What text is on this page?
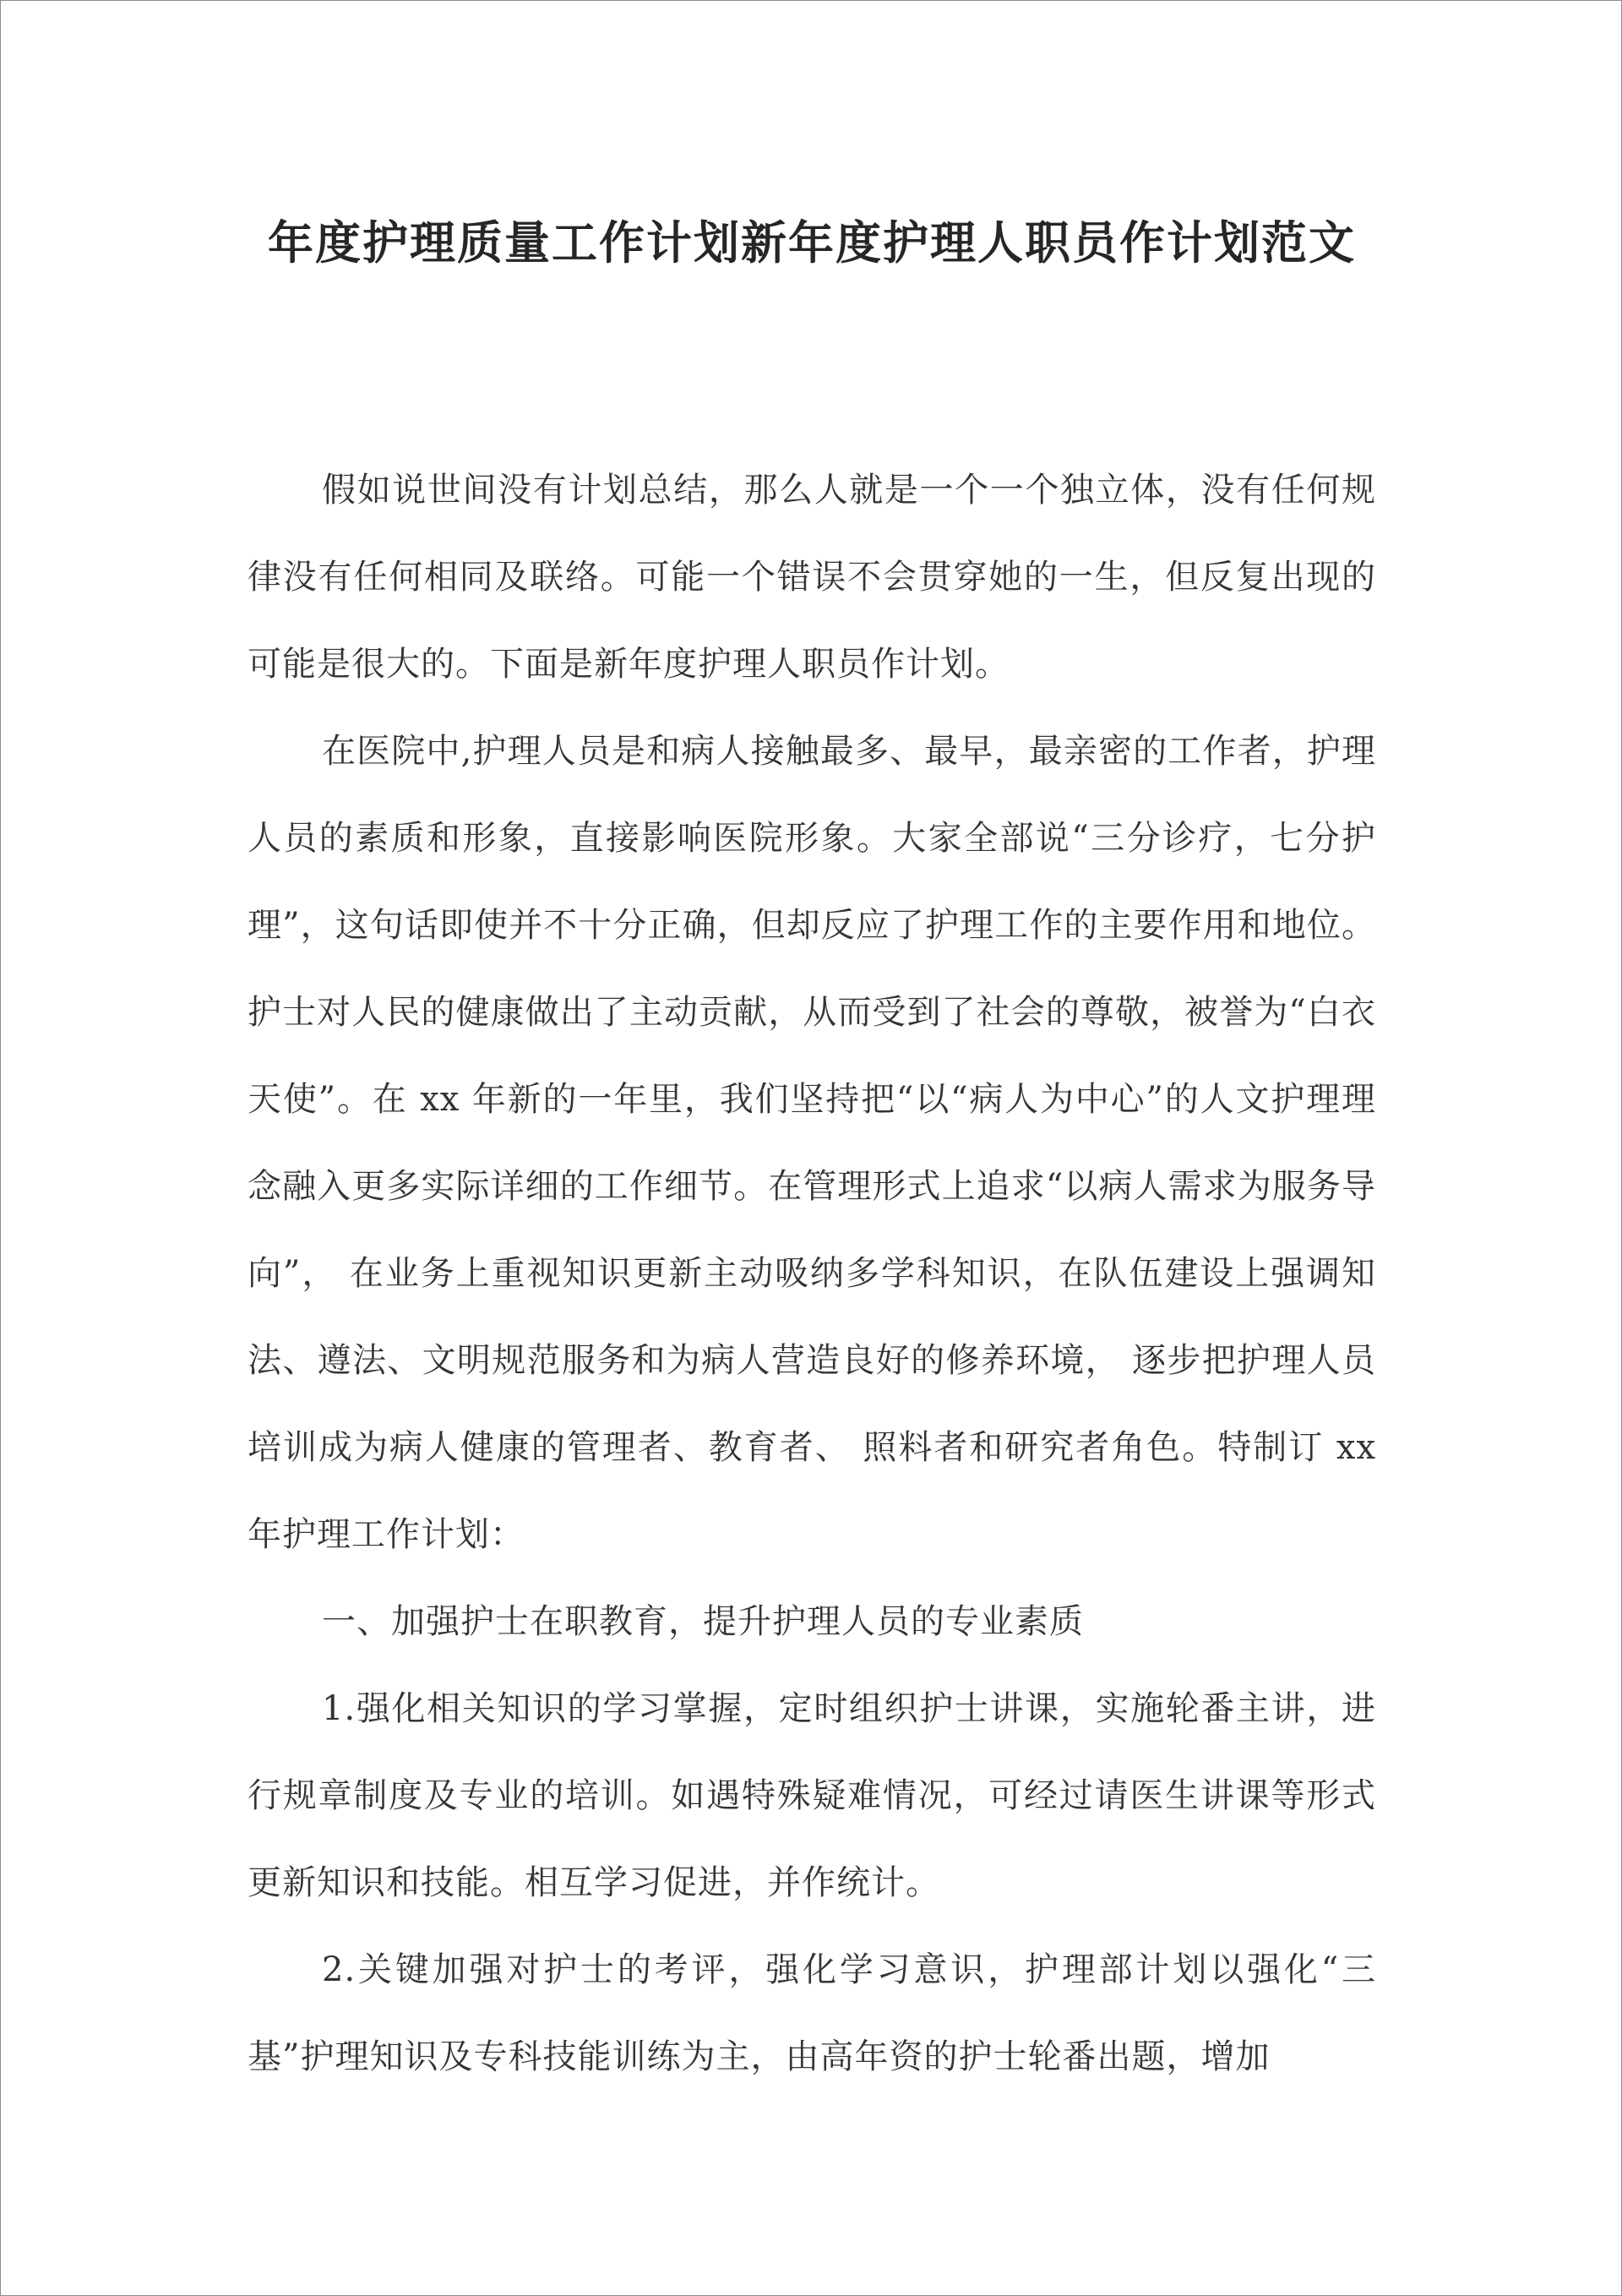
年度护理质量工作计划新年度护理人职员作计划范文

假如说世间没有计划总结，那么人就是一个一个独立体，没有任何规律没有任何相同及联络。可能一个错误不会贯穿她的一生，但反复出现的可能是很大的。下面是新年度护理人职员作计划。

在医院中,护理人员是和病人接触最多、最早，最亲密的工作者，护理人员的素质和形象，直接影响医院形象。大家全部说“三分诊疗，七分护理”，这句话即使并不十分正确，但却反应了护理工作的主要作用和地位。护士对人民的健康做出了主动贡献，从而受到了社会的尊敬，被誉为“白衣天使”。在 xx 年新的一年里，我们坚持把“以“病人为中心”的人文护理理念融入更多实际详细的工作细节。在管理形式上追求“以病人需求为服务导向”， 在业务上重视知识更新主动吸纳多学科知识，在队伍建设上强调知法、遵法、文明规范服务和为病人营造良好的修养环境， 逐步把护理人员培训成为病人健康的管理者、教育者、 照料者和研究者角色。特制订 xx 年护理工作计划：

一、加强护士在职教育，提升护理人员的专业素质

1.强化相关知识的学习掌握，定时组织护士讲课，实施轮番主讲，进行规章制度及专业的培训。如遇特殊疑难情况，可经过请医生讲课等形式更新知识和技能。相互学习促进，并作统计。

2.关键加强对护士的考评，强化学习意识，护理部计划以强化“三基”护理知识及专科技能训练为主，由高年资的护士轮番出题，增加
